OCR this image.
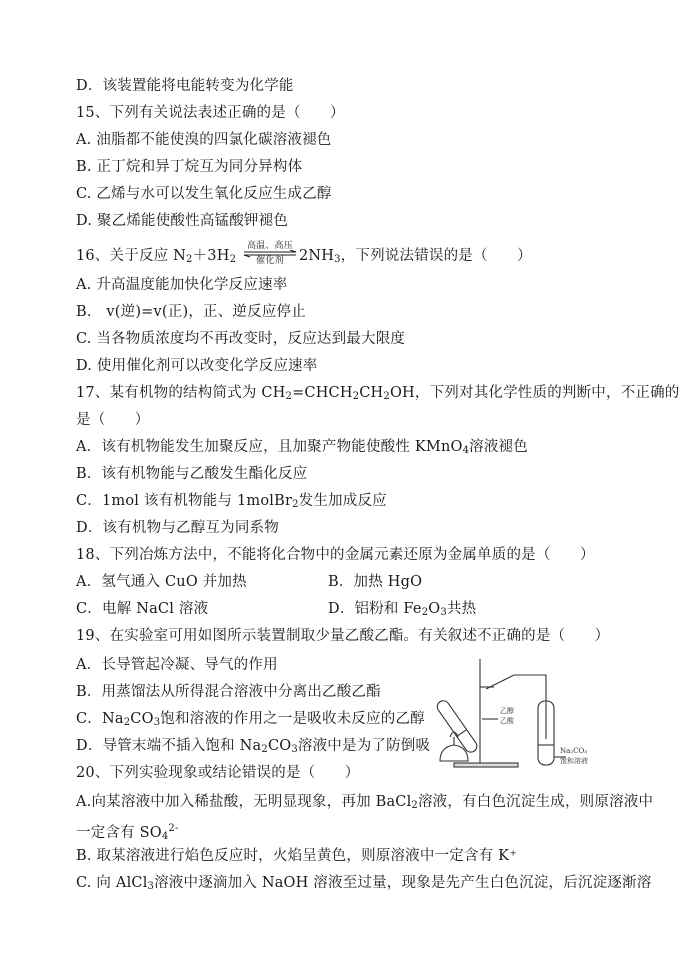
D．该装置能将电能转变为化学能
15、下列有关说法表述正确的是（　　）
A. 油脂都不能使溴的四氯化碳溶液褪色
B. 正丁烷和异丁烷互为同分异构体
C. 乙烯与水可以发生氧化反应生成乙醇
D. 聚乙烯能使酸性高锰酸钾褪色
16、关于反应 $N_2+3H_2$
高温、高压
催化剂	$2NH_3$，下列说法错误的是（　　）
A. 升高温度能加快化学反应速率
B.　v(逆)=v(正)，正、逆反应停止
C. 当各物质浓度均不再改变时，反应达到最大限度
D. 使用催化剂可以改变化学反应速率
17、某有机物的结构简式为 $CH_2=CHCH_2CH_2OH$，下列对其化学性质的判断中，不正确的
是（　　）
A．该有机物能发生加聚反应，且加聚产物能使酸性 KMnO$_4$溶液褪色
B．该有机物能与乙酸发生酯化反应
C．1mol 该有机物能与 1molBr$_2$发生加成反应
D．该有机物与乙醇互为同系物
18、下列冶炼方法中，不能将化合物中的金属元素还原为金属单质的是（　　）
A．氢气通入 CuO 并加热	B．加热 HgO
C．电解 NaCl 溶液	D．铝粉和 $Fe_2O_3$共热
19、在实验室可用如图所示装置制取少量乙酸乙酯。有关叙述不正确的是（　　）
A．长导管起冷凝、导气的作用
B．用蒸馏法从所得混合溶液中分离出乙酸乙酯
C．$Na_2CO_3$饱和溶液的作用之一是吸收未反应的乙醇
D．导管末端不插入饱和 $Na_2CO_3$溶液中是为了防倒吸
乙醇
乙酸
Na₂CO₃
饱和溶液
20、下列实验现象或结论错误的是（　　）
A.向某溶液中加入稀盐酸，无明显现象，再加 BaCl$_2$溶液，有白色沉淀生成，则原溶液中
一定含有 $SO_4^{2-}$
B. 取某溶液进行焰色反应时，火焰呈黄色，则原溶液中一定含有 K⁺
C. 向 AlCl$_3$溶液中逐滴加入 NaOH 溶液至过量，现象是先产生白色沉淀，后沉淀逐渐溶
